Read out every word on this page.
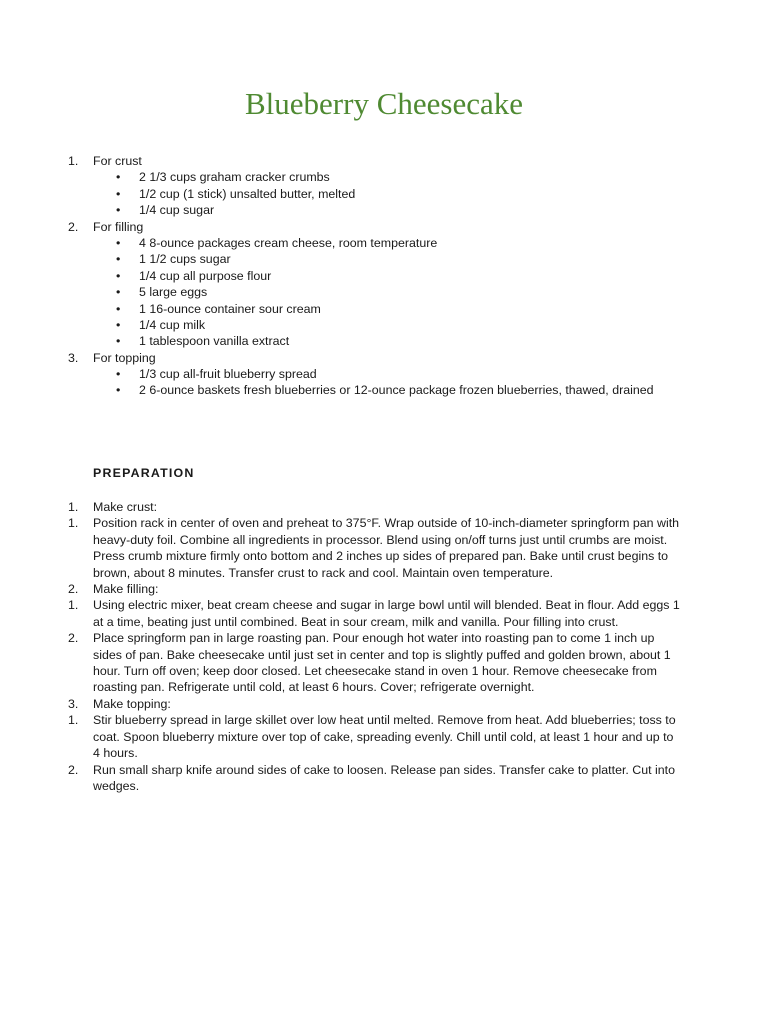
Blueberry Cheesecake
1.	For crust
• 2 1/3 cups graham cracker crumbs
• 1/2 cup (1 stick) unsalted butter, melted
• 1/4 cup sugar
2.	For filling
• 4 8-ounce packages cream cheese, room temperature
• 1 1/2 cups sugar
• 1/4 cup all purpose flour
• 5 large eggs
• 1 16-ounce container sour cream
• 1/4 cup milk
• 1 tablespoon vanilla extract
3.	For topping
• 1/3 cup all-fruit blueberry spread
• 2 6-ounce baskets fresh blueberries or 12-ounce package frozen blueberries, thawed, drained
PREPARATION
1.	Make crust:
1.	Position rack in center of oven and preheat to 375°F. Wrap outside of 10-inch-diameter springform pan with heavy-duty foil. Combine all ingredients in processor. Blend using on/off turns just until crumbs are moist. Press crumb mixture firmly onto bottom and 2 inches up sides of prepared pan. Bake until crust begins to brown, about 8 minutes. Transfer crust to rack and cool. Maintain oven temperature.
2.	Make filling:
1.	Using electric mixer, beat cream cheese and sugar in large bowl until will blended. Beat in flour. Add eggs 1 at a time, beating just until combined. Beat in sour cream, milk and vanilla. Pour filling into crust.
2.	Place springform pan in large roasting pan. Pour enough hot water into roasting pan to come 1 inch up sides of pan. Bake cheesecake until just set in center and top is slightly puffed and golden brown, about 1 hour. Turn off oven; keep door closed. Let cheesecake stand in oven 1 hour. Remove cheesecake from roasting pan. Refrigerate until cold, at least 6 hours. Cover; refrigerate overnight.
3.	Make topping:
1.	Stir blueberry spread in large skillet over low heat until melted. Remove from heat. Add blueberries; toss to coat. Spoon blueberry mixture over top of cake, spreading evenly. Chill until cold, at least 1 hour and up to 4 hours.
2.	Run small sharp knife around sides of cake to loosen. Release pan sides. Transfer cake to platter. Cut into wedges.
